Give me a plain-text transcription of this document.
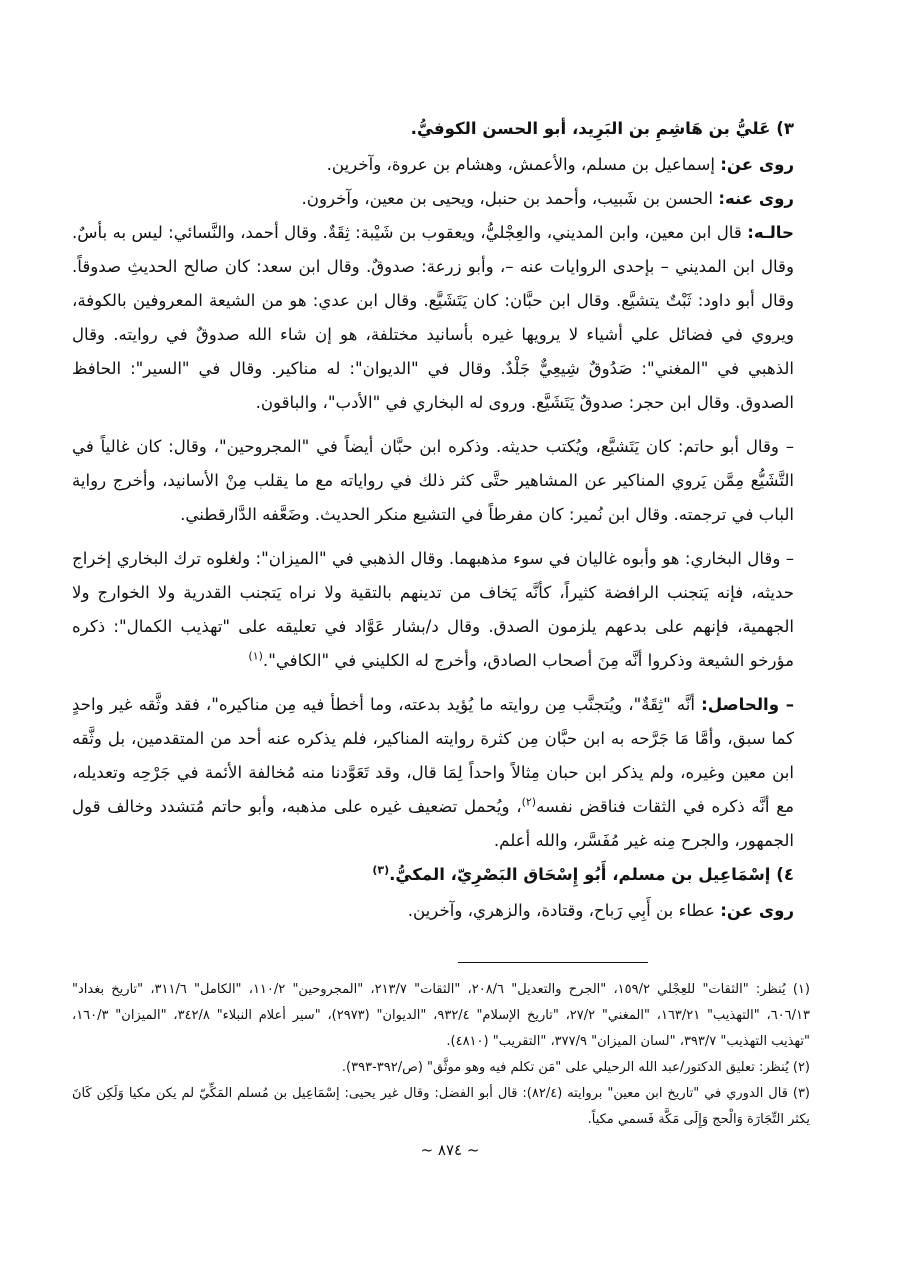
٣) عَليُّ بن هَاشِمِ بن البَرِيد، أبو الحسن الكوفيُّ.

روى عن: إسماعيل بن مسلم، والأعمش، وهشام بن عروة، وآخرين.

روى عنه: الحسن بن شَبيب، وأحمد بن حنبل، ويحيى بن معين، وآخرون.

حالـه: قال ابن معين، وابن المديني، والعِجْليُّ، ويعقوب بن شَيْبة: ثِقَةٌ. وقال أحمد، والنَّسائي: ليس به بأسٌ. وقال ابن المديني – بإحدى الروايات عنه –، وأبو زرعة: صدوقٌ. وقال ابن سعد: كان صالح الحديثِ صدوقاً. وقال أبو داود: ثَبْتٌ يتشيَّع. وقال ابن حبَّان: كان يَتَشَيَّع. وقال ابن عدي: هو من الشيعة المعروفين بالكوفة، ويروي في فضائل علي أشياء لا يرويها غيره بأسانيد مختلفة، هو إن شاء الله صدوقٌ في روايته. وقال الذهبي في "المغني": صَدُوقٌ شِيعِيٌّ جَلْدٌ. وقال في "الديوان": له مناكير. وقال في "السير": الحافظ الصدوق. وقال ابن حجر: صدوقٌ يَتَشَيَّع. وروى له البخاري في "الأدب"، والباقون.

– وقال أبو حاتم: كان يَتَشيَّع، ويُكتب حديثه. وذكره ابن حبَّان أيضاً في "المجروحين"، وقال: كان غالياً في التَّشَيُّع مِمَّن يَروي المناكير عن المشاهير حتَّى كثر ذلك في رواياته مع ما يقلب مِنْ الأسانيد، وأخرج رواية الباب في ترجمته. وقال ابن نُمير: كان مفرطاً في التشيع منكر الحديث. وضَعَّفه الدَّارقطني.

– وقال البخاري: هو وأبوه غاليان في سوء مذهبهما. وقال الذهبي في "الميزان": ولغلوه ترك البخاري إخراج حديثه، فإنه يَتجنب الرافضة كثيراً، كأنَّه يَخاف من تدينهم بالتقية ولا نراه يَتجنب القدرية ولا الخوارج ولا الجهمية، فإنهم على بدعهم يلزمون الصدق. وقال د/بشار عَوَّاد في تعليقه على "تهذيب الكمال": ذكره مؤرخو الشيعة وذكروا أنَّه مِنَ أصحاب الصادق، وأخرج له الكليني في "الكافي".$^{(١)}$

– والحاصل: أنَّه "ثِقَةٌ"، ويُتجنَّب مِن روايته ما يُؤيد بدعته، وما أخطأ فيه مِن مناكيره"، فقد وثَّقه غير واحدٍ كما سبق، وأمَّا مَا جَرَّحه به ابن حبَّان مِن كثرة روايته المناكير، فلم يذكره عنه أحد من المتقدمين، بل وثَّقه ابن معين وغيره، ولم يذكر ابن حبان مِثالاً واحداً لِمَا قال، وقد تَعَوَّدنا منه مُخالفة الأئمة في جَرْحِه وتعديله، مع أنَّه ذكره في الثقات فناقض نفسه$^{(٢)}$، ويُحمل تضعيف غيره على مذهبه، وأبو حاتم مُتشدد وخالف قول الجمهور، والجرح مِنه غير مُفَسَّر، والله أعلم.

٤) إسْمَاعِيل بن مسلم، أَبُو إِسْحَاق البَصْرِيّ، المكيُّ.$^{(٣)}$

روى عن: عطاء بن أَبِي رَباح، وقتادة، والزهري، وآخرين.

(١) يُنظر: "الثقات" للعِجْلي ١٥٩/٢، "الجرح والتعديل" ٢٠٨/٦، "الثقات" ٢١٣/٧، "المجروحين" ١١٠/٢، "الكامل" ٣١١/٦، "تاريخ بغداد" ٦٠٦/١٣، "التهذيب" ١٦٣/٢١، "المغني" ٢٧/٢، "تاريخ الإسلام" ٩٣٢/٤، "الديوان" (٢٩٧٣)، "سير أعلام النبلاء" ٣٤٢/٨، "الميزان" ١٦٠/٣، "تهذيب التهذيب" ٣٩٣/٧، "لسان الميزان" ٣٧٧/٩، "التقريب" (٤٨١٠).

(٢) يُنظر: تعليق الدكتور/عبد الله الرحيلي على "مَن تكلم فيه وهو موثَّق" (ص/٣٩٢-٣٩٣).

(٣) قال الدوري في "تاريخ ابن معين" بروايته (٨٢/٤): قال أبو الفضل: وقال غير يحيى: إسْمَاعِيل بن مُسلم المَكِّيّ لم يكن مكيا وَلَكِن كَانَ يكثر التِّجَارَة وَالْحج وَإِلَى مَكَّة فَسمي مكياً.

~ ٨٧٤ ~
